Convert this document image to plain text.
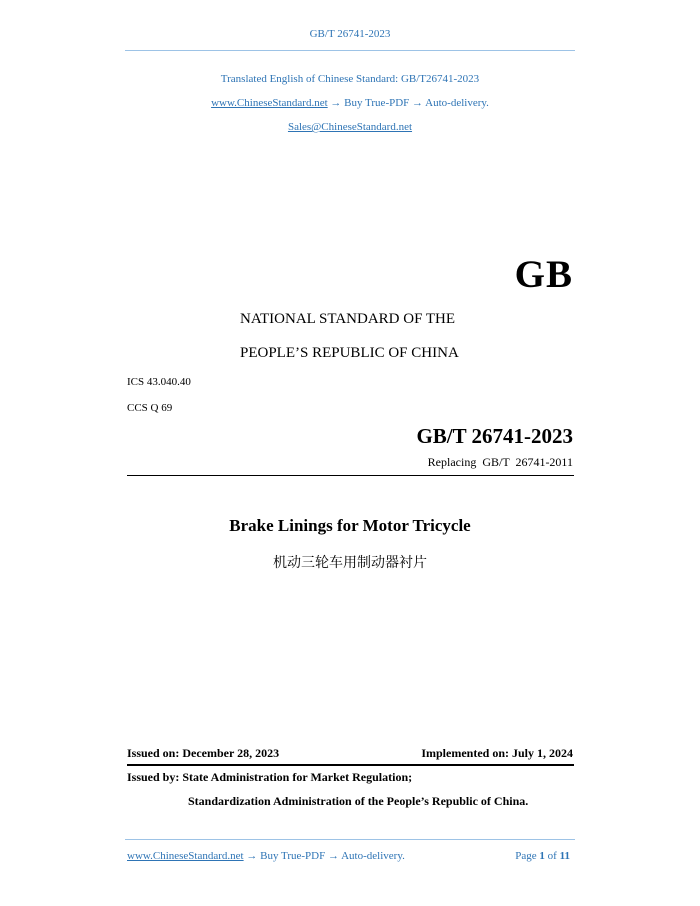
GB/T 26741-2023
Translated English of Chinese Standard: GB/T26741-2023
www.ChineseStandard.net → Buy True-PDF → Auto-delivery.
Sales@ChineseStandard.net
GB
NATIONAL STANDARD OF THE
PEOPLE’S REPUBLIC OF CHINA
ICS 43.040.40
CCS Q 69
GB/T 26741-2023
Replacing GB/T 26741-2011
Brake Linings for Motor Tricycle
机动三轮车用制动器衬片
Issued on: December 28, 2023	Implemented on: July 1, 2024
Issued by: State Administration for Market Regulation;
Standardization Administration of the People’s Republic of China.
www.ChineseStandard.net → Buy True-PDF → Auto-delivery.	Page 1 of 11
